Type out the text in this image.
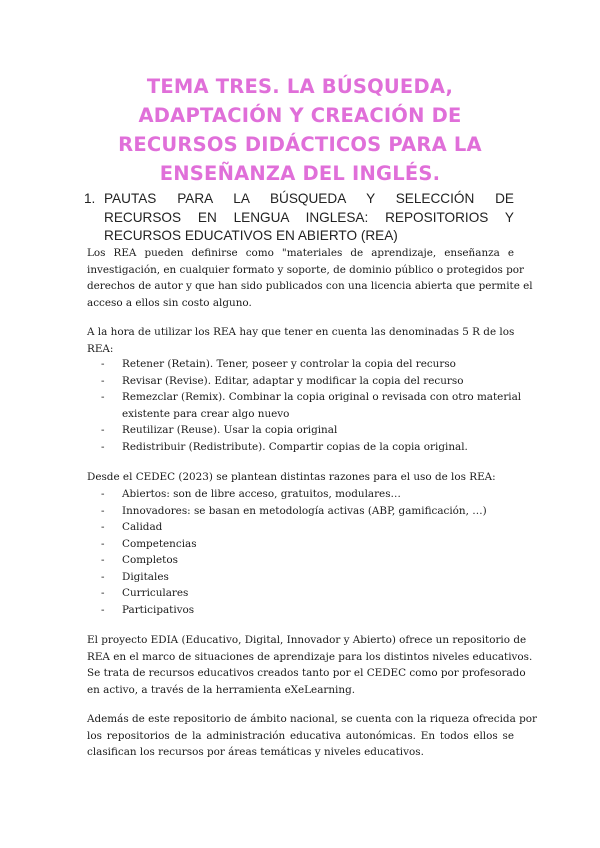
TEMA TRES. LA BÚSQUEDA,
ADAPTACIÓN Y CREACIÓN DE
RECURSOS DIDÁCTICOS PARA LA
ENSEÑANZA DEL INGLÉS.
1. PAUTAS PARA LA BÚSQUEDA Y SELECCIÓN DE
RECURSOS EN LENGUA INGLESA: REPOSITORIOS Y
RECURSOS EDUCATIVOS EN ABIERTO (REA)
Los REA pueden definirse como "materiales de aprendizaje, enseñanza e
investigación, en cualquier formato y soporte, de dominio público o protegidos por
derechos de autor y que han sido publicados con una licencia abierta que permite el
acceso a ellos sin costo alguno.
A la hora de utilizar los REA hay que tener en cuenta las denominadas 5 R de los
REA:
- Retener (Retain). Tener, poseer y controlar la copia del recurso
- Revisar (Revise). Editar, adaptar y modificar la copia del recurso
- Remezclar (Remix). Combinar la copia original o revisada con otro material
existente para crear algo nuevo
- Reutilizar (Reuse). Usar la copia original
- Redistribuir (Redistribute). Compartir copias de la copia original.
Desde el CEDEC (2023) se plantean distintas razones para el uso de los REA:
- Abiertos: son de libre acceso, gratuitos, modulares…
- Innovadores: se basan en metodología activas (ABP, gamificación, …)
- Calidad
- Competencias
- Completos
- Digitales
- Curriculares
- Participativos
El proyecto EDIA (Educativo, Digital, Innovador y Abierto) ofrece un repositorio de
REA en el marco de situaciones de aprendizaje para los distintos niveles educativos.
Se trata de recursos educativos creados tanto por el CEDEC como por profesorado
en activo, a través de la herramienta eXeLearning.
Además de este repositorio de ámbito nacional, se cuenta con la riqueza ofrecida por
los repositorios de la administración educativa autonómicas. En todos ellos se
clasifican los recursos por áreas temáticas y niveles educativos.
